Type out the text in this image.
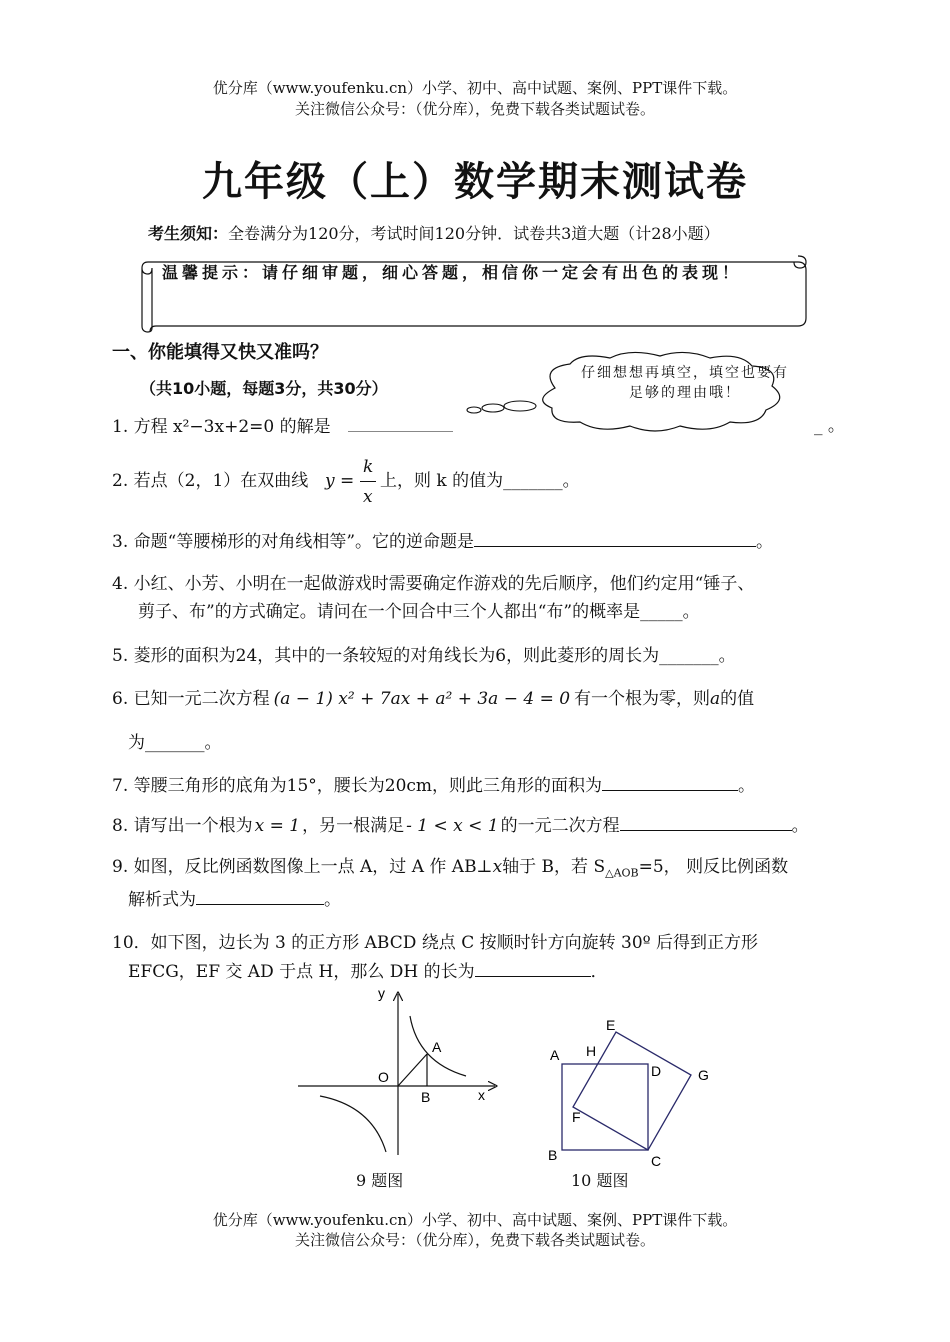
优分库（www.youfenku.cn）小学、初中、高中试题、案例、PPT课件下载。
关注微信公众号：（优分库），免费下载各类试题试卷。
九年级（上）数学期末测试卷
考生须知：全卷满分为120分，考试时间120分钟．试卷共3道大题（计28小题）
温馨提示：请仔细审题，细心答题，相信你一定会有出色的表现！
一、你能填得又快又准吗？
（共10小题，每题3分，共30分）
仔细想想再填空，填空也要有足够的理由哦！
1. 方程 x²−3x+2=0 的解是	_ 。
2. 若点（2，1）在双曲线 y =
k
x
上，则 k 的值为_______。
3. 命题“等腰梯形的对角线相等”。它的逆命题是	。
4. 小红、小芳、小明在一起做游戏时需要确定作游戏的先后顺序，他们约定用“锤子、
剪子、布”的方式确定。请问在一个回合中三个人都出“布”的概率是_____。
5. 菱形的面积为24，其中的一条较短的对角线长为6，则此菱形的周长为_______。
6. 已知一元二次方程 (a − 1) x² + 7ax + a² + 3a − 4 = 0 有一个根为零，则a的值
为_______。
7. 等腰三角形的底角为15°，腰长为20cm，则此三角形的面积为	。
8. 请写出一个根为 x = 1 ，另一根满足 - 1 < x < 1 的一元二次方程	。
9. 如图，反比例函数图像上一点 A，过 A 作 AB⊥x轴于 B，若 $S_{\triangle AOB}=5$， 则反比例函数
解析式为	。
10．如下图，边长为 3 的正方形 ABCD 绕点 C 按顺时针方向旋转 30º 后得到正方形
EFCG，EF 交 AD 于点 H，那么 DH 的长为	．
y
x
O
A
B
9 题图
A H
E
D	G
F
B	C
10 题图
优分库（www.youfenku.cn）小学、初中、高中试题、案例、PPT课件下载。
关注微信公众号：（优分库），免费下载各类试题试卷。
